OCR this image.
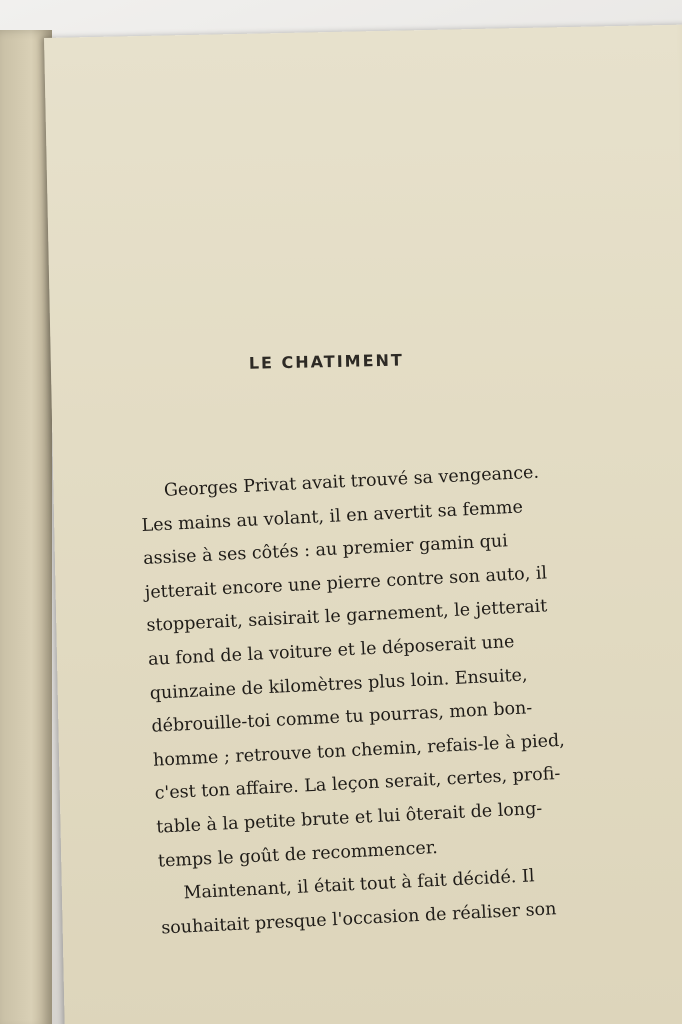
LE CHATIMENT
Georges Privat avait trouvé sa vengeance.
Les mains au volant, il en avertit sa femme
assise à ses côtés : au premier gamin qui
jetterait encore une pierre contre son auto, il
stopperait, saisirait le garnement, le jetterait
au fond de la voiture et le déposerait une
quinzaine de kilomètres plus loin. Ensuite,
débrouille-toi comme tu pourras, mon bon-
homme ; retrouve ton chemin, refais-le à pied,
c'est ton affaire. La leçon serait, certes, profi-
table à la petite brute et lui ôterait de long-
temps le goût de recommencer.
Maintenant, il était tout à fait décidé. Il
souhaitait presque l'occasion de réaliser son
